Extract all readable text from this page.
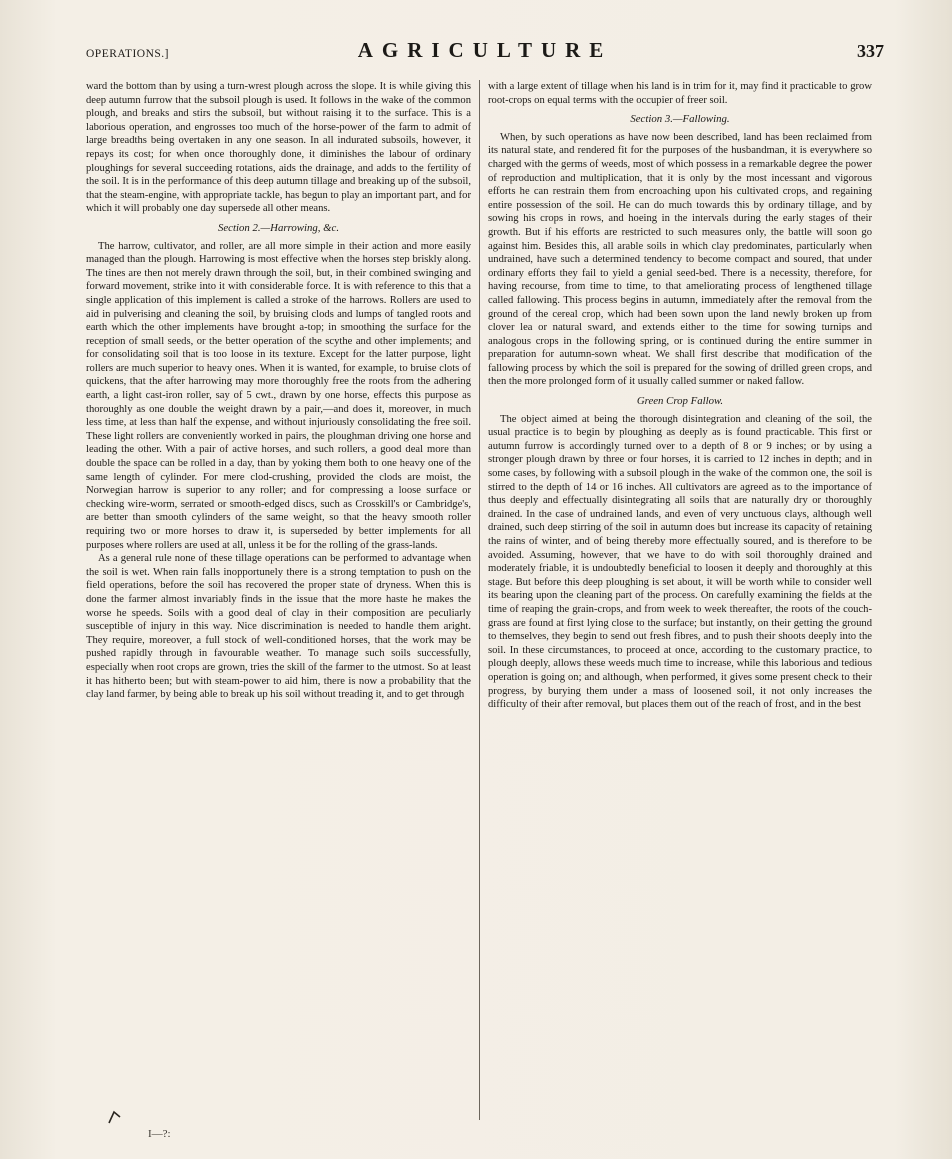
OPERATIONS.]	AGRICULTURE	337

ward the bottom than by using a turn-wrest plough across the slope. It is while giving this deep autumn furrow that the subsoil plough is used. It follows in the wake of the common plough, and breaks and stirs the subsoil, but without raising it to the surface. This is a laborious operation, and engrosses too much of the horse-power of the farm to admit of large breadths being overtaken in any one season. In all indurated subsoils, however, it repays its cost; for when once thoroughly done, it diminishes the labour of ordinary ploughings for several succeeding rotations, aids the drainage, and adds to the fertility of the soil. It is in the performance of this deep autumn tillage and breaking up of the subsoil, that the steam-engine, with appropriate tackle, has begun to play an important part, and for which it will probably one day supersede all other means.

Section 2.—Harrowing, &c.

The harrow, cultivator, and roller, are all more simple in their action and more easily managed than the plough. Harrowing is most effective when the horses step briskly along. The tines are then not merely drawn through the soil, but, in their combined swinging and forward movement, strike into it with considerable force. It is with reference to this that a single application of this implement is called a stroke of the harrows. Rollers are used to aid in pulverising and cleaning the soil, by bruising clods and lumps of tangled roots and earth which the other implements have brought a-top; in smoothing the surface for the reception of small seeds, or the better operation of the scythe and other implements; and for consolidating soil that is too loose in its texture. Except for the latter purpose, light rollers are much superior to heavy ones. When it is wanted, for example, to bruise clots of quickens, that the after harrowing may more thoroughly free the roots from the adhering earth, a light cast-iron roller, say of 5 cwt., drawn by one horse, effects this purpose as thoroughly as one double the weight drawn by a pair,—and does it, moreover, in much less time, at less than half the expense, and without injuriously consolidating the free soil. These light rollers are conveniently worked in pairs, the ploughman driving one horse and leading the other. With a pair of active horses, and such rollers, a good deal more than double the space can be rolled in a day, than by yoking them both to one heavy one of the same length of cylinder. For mere clod-crushing, provided the clods are moist, the Norwegian harrow is superior to any roller; and for compressing a loose surface or checking wire-worm, serrated or smooth-edged discs, such as Crosskill's or Cambridge's, are better than smooth cylinders of the same weight, so that the heavy smooth roller requiring two or more horses to draw it, is superseded by better implements for all purposes where rollers are used at all, unless it be for the rolling of the grass-lands.

As a general rule none of these tillage operations can be performed to advantage when the soil is wet. When rain falls inopportunely there is a strong temptation to push on the field operations, before the soil has recovered the proper state of dryness. When this is done the farmer almost invariably finds in the issue that the more haste he makes the worse he speeds. Soils with a good deal of clay in their composition are peculiarly susceptible of injury in this way. Nice discrimination is needed to handle them aright. They require, moreover, a full stock of well-conditioned horses, that the work may be pushed rapidly through in favourable weather. To manage such soils successfully, especially when root crops are grown, tries the skill of the farmer to the utmost. So at least it has hitherto been; but with steam-power to aid him, there is now a probability that the clay land farmer, by being able to break up his soil without treading it, and to get through

with a large extent of tillage when his land is in trim for it, may find it practicable to grow root-crops on equal terms with the occupier of freer soil.

Section 3.—Fallowing.

When, by such operations as have now been described, land has been reclaimed from its natural state, and rendered fit for the purposes of the husbandman, it is everywhere so charged with the germs of weeds, most of which possess in a remarkable degree the power of reproduction and multiplication, that it is only by the most incessant and vigorous efforts he can restrain them from encroaching upon his cultivated crops, and regaining entire possession of the soil. He can do much towards this by ordinary tillage, and by sowing his crops in rows, and hoeing in the intervals during the early stages of their growth. But if his efforts are restricted to such measures only, the battle will soon go against him. Besides this, all arable soils in which clay predominates, particularly when undrained, have such a determined tendency to become compact and soured, that under ordinary efforts they fail to yield a genial seed-bed. There is a necessity, therefore, for having recourse, from time to time, to that ameliorating process of lengthened tillage called fallowing. This process begins in autumn, immediately after the removal from the ground of the cereal crop, which had been sown upon the land newly broken up from clover lea or natural sward, and extends either to the time for sowing turnips and analogous crops in the following spring, or is continued during the entire summer in preparation for autumn-sown wheat. We shall first describe that modification of the fallowing process by which the soil is prepared for the sowing of drilled green crops, and then the more prolonged form of it usually called summer or naked fallow.

Green Crop Fallow.

The object aimed at being the thorough disintegration and cleaning of the soil, the usual practice is to begin by ploughing as deeply as is found practicable. This first or autumn furrow is accordingly turned over to a depth of 8 or 9 inches; or by using a stronger plough drawn by three or four horses, it is carried to 12 inches in depth; and in some cases, by following with a subsoil plough in the wake of the common one, the soil is stirred to the depth of 14 or 16 inches. All cultivators are agreed as to the importance of thus deeply and effectually disintegrating all soils that are naturally dry or thoroughly drained. In the case of undrained lands, and even of very unctuous clays, although well drained, such deep stirring of the soil in autumn does but increase its capacity of retaining the rains of winter, and of being thereby more effectually soured, and is therefore to be avoided. Assuming, however, that we have to do with soil thoroughly drained and moderately friable, it is undoubtedly beneficial to loosen it deeply and thoroughly at this stage. But before this deep ploughing is set about, it will be worth while to consider well its bearing upon the cleaning part of the process. On carefully examining the fields at the time of reaping the grain-crops, and from week to week thereafter, the roots of the couch-grass are found at first lying close to the surface; but instantly, on their getting the ground to themselves, they begin to send out fresh fibres, and to push their shoots deeply into the soil. In these circumstances, to proceed at once, according to the customary practice, to plough deeply, allows these weeds much time to increase, while this laborious and tedious operation is going on; and although, when performed, it gives some present check to their progress, by burying them under a mass of loosened soil, it not only increases the difficulty of their after removal, but places them out of the reach of frost, and in the best

I—?:
